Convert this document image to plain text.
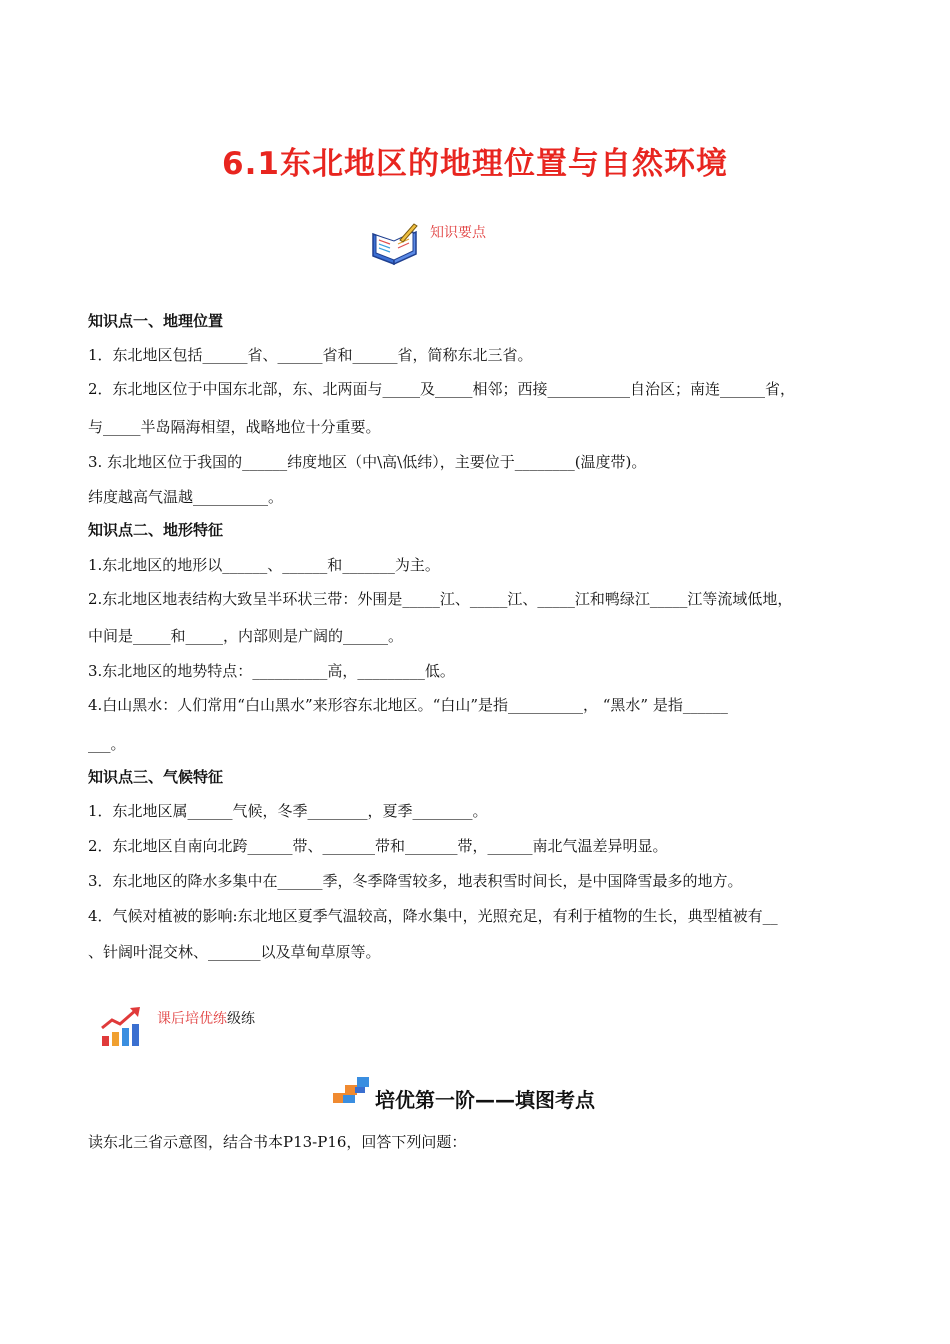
6.1东北地区的地理位置与自然环境
知识要点
知识点一、地理位置
1．东北地区包括______省、______省和______省，简称东北三省。
2．东北地区位于中国东北部，东、北两面与_____及_____相邻；西接___________自治区；南连______省，
与_____半岛隔海相望，战略地位十分重要。
3. 东北地区位于我国的______纬度地区（中\高\低纬），主要位于________(温度带)。
纬度越高气温越__________。
知识点二、地形特征
1.东北地区的地形以______、______和_______为主。
2.东北地区地表结构大致呈半环状三带：外围是_____江、_____江、_____江和鸭绿江_____江等流域低地，
中间是_____和_____，内部则是广阔的______。
3.东北地区的地势特点：__________高，_________低。
4.白山黑水：人们常用“白山黑水”来形容东北地区。“白山”是指__________， “黑水” 是指______
___。
知识点三、气候特征
1．东北地区属______气候，冬季________，夏季________。
2．东北地区自南向北跨______带、_______带和_______带，______南北气温差异明显。
3．东北地区的降水多集中在______季，冬季降雪较多，地表积雪时间长，是中国降雪最多的地方。
4．气候对植被的影响:东北地区夏季气温较高，降水集中，光照充足，有利于植物的生长，典型植被有__
、针阔叶混交林、_______以及草甸草原等。
课后培优练级练
培优第一阶——填图考点
读东北三省示意图，结合书本P13-P16，回答下列问题：
